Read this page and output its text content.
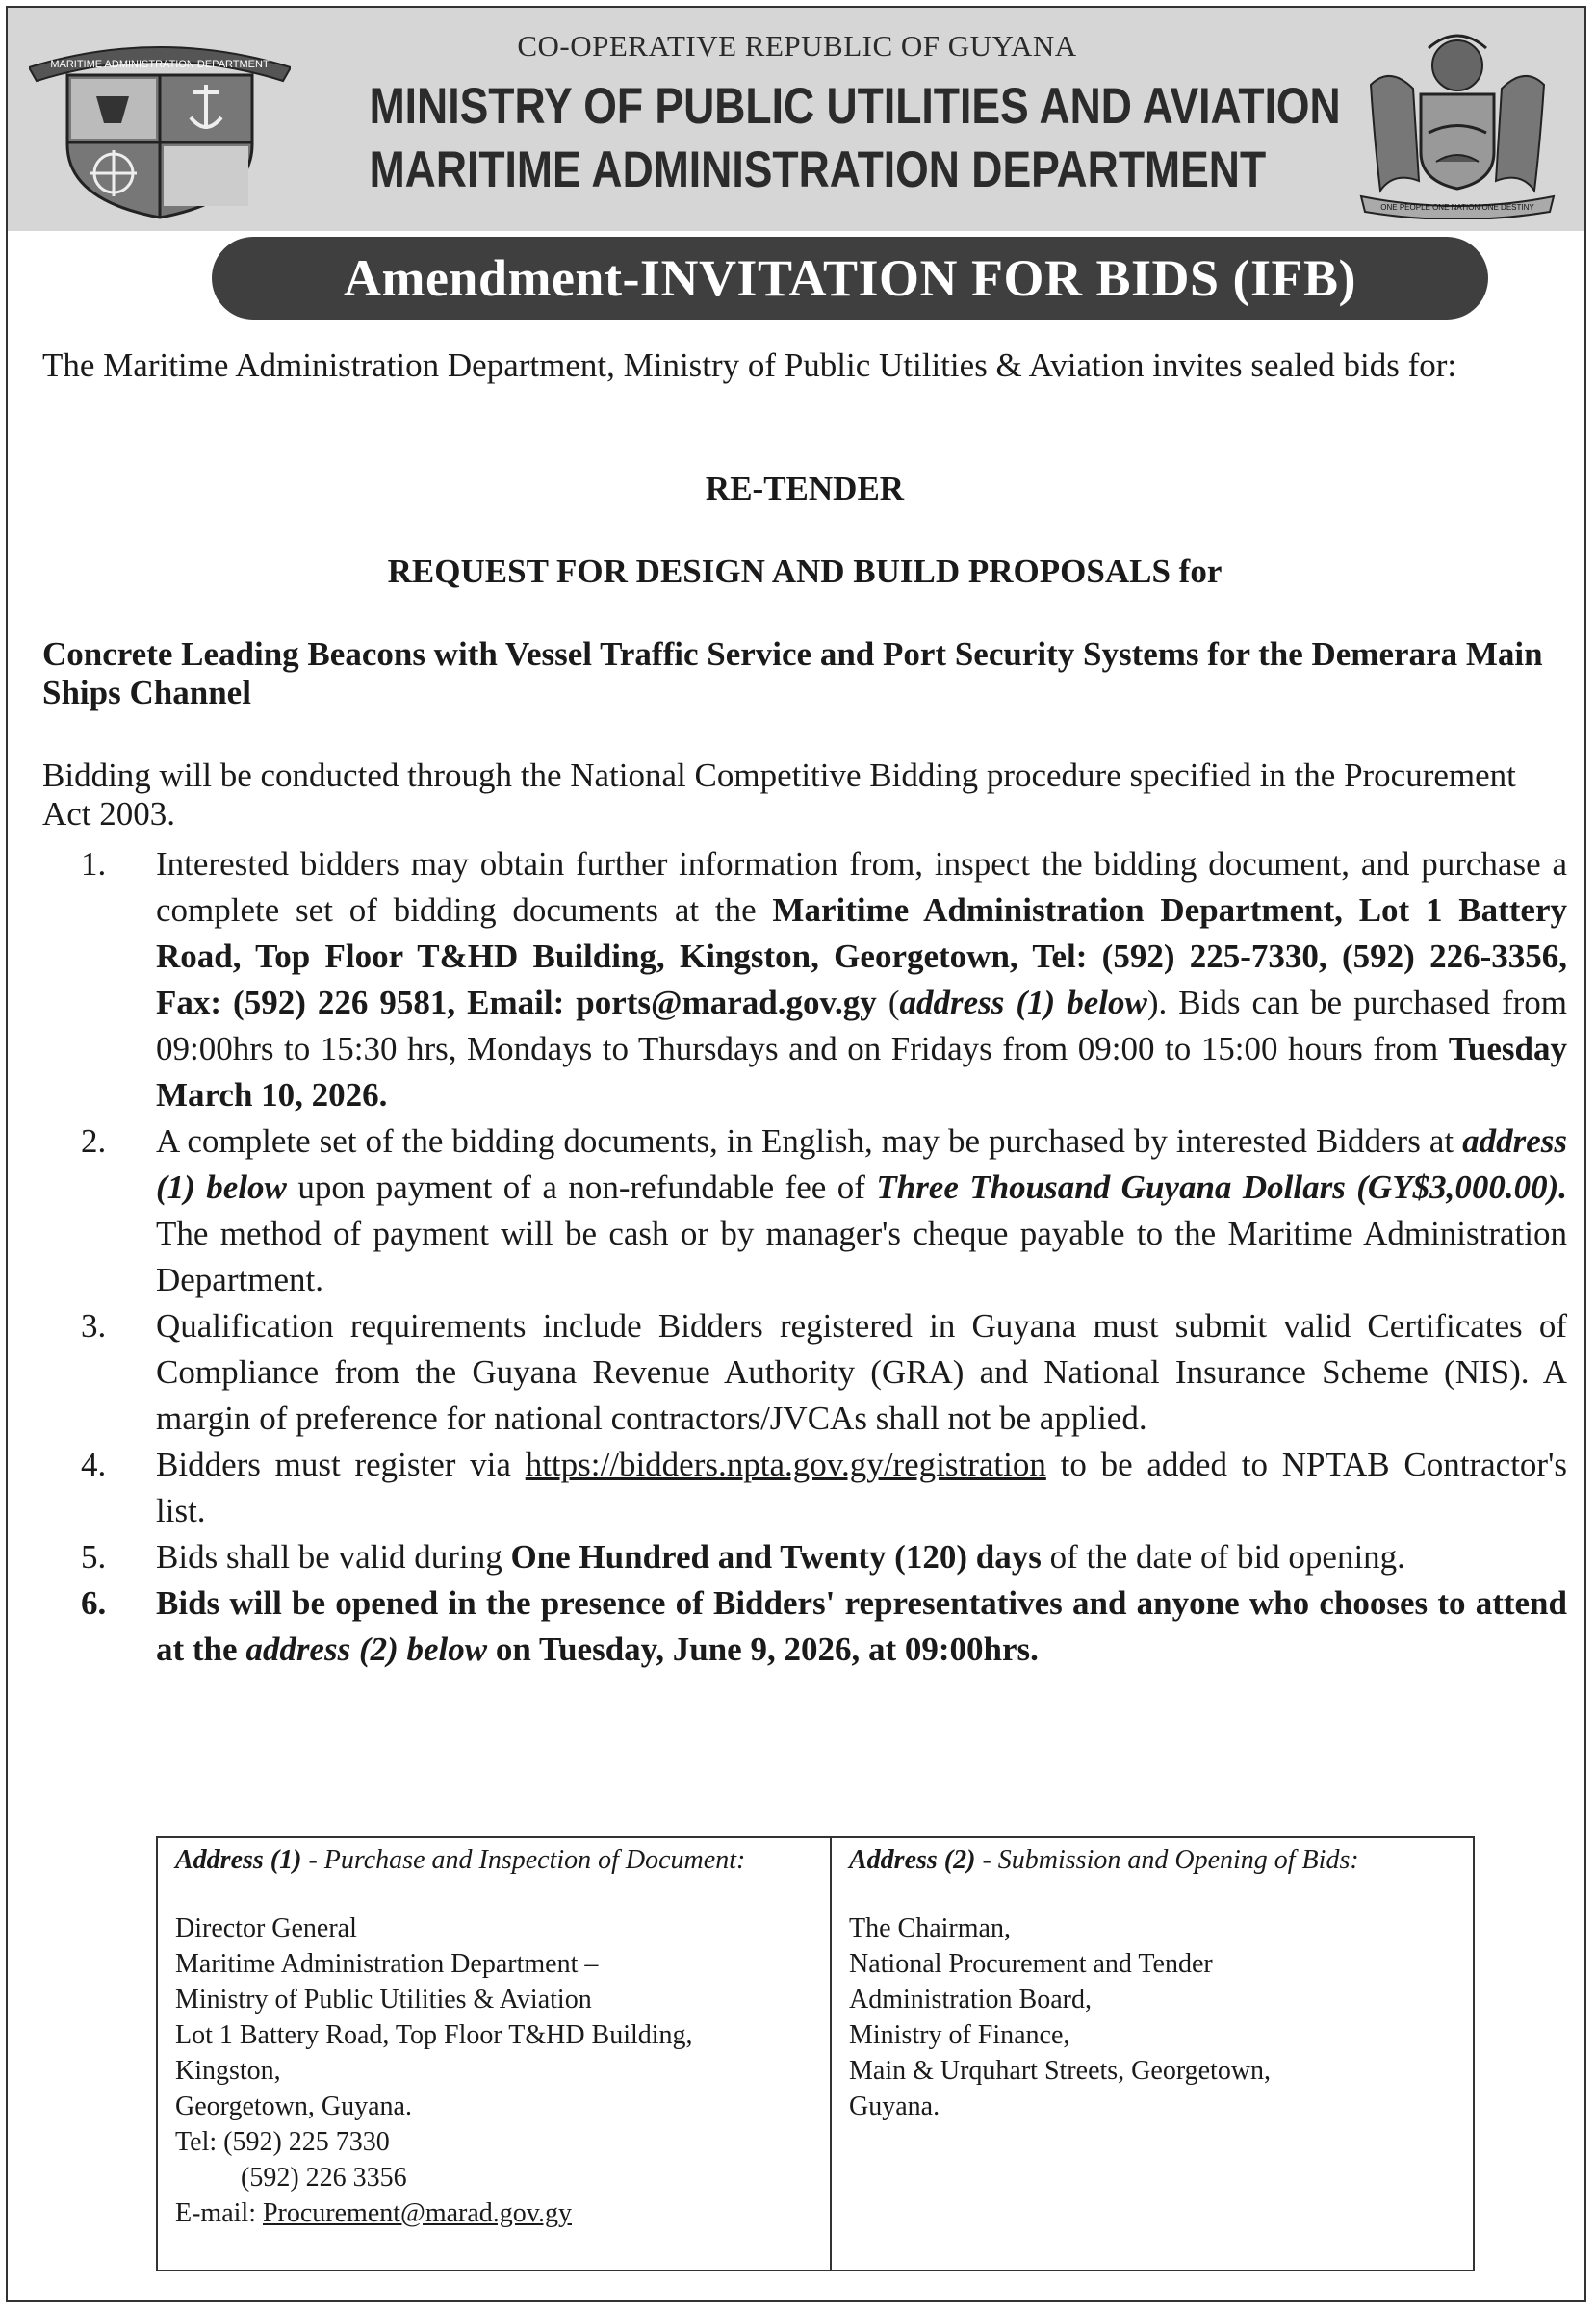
MARITIME ADMINISTRATION DEPARTMENT
CO-OPERATIVE REPUBLIC OF GUYANA
MINISTRY OF PUBLIC UTILITIES AND AVIATION
MARITIME ADMINISTRATION DEPARTMENT
ONE PEOPLE ONE NATION ONE DESTINY
Amendment-INVITATION FOR BIDS (IFB)
The Maritime Administration Department, Ministry of Public Utilities & Aviation invites sealed bids for:
RE-TENDER
REQUEST FOR DESIGN AND BUILD PROPOSALS for
Concrete Leading Beacons with Vessel Traffic Service and Port Security Systems for the Demerara Main Ships Channel
Bidding will be conducted through the National Competitive Bidding procedure specified in the Procurement Act 2003.
1. Interested bidders may obtain further information from, inspect the bidding document, and purchase a complete set of bidding documents at the Maritime Administration Department, Lot 1 Battery Road, Top Floor T&HD Building, Kingston, Georgetown, Tel: (592) 225-7330, (592) 226-3356, Fax: (592) 226 9581, Email: ports@marad.gov.gy (address (1) below). Bids can be purchased from 09:00hrs to 15:30 hrs, Mondays to Thursdays and on Fridays from 09:00 to 15:00 hours from Tuesday March 10, 2026.
2. A complete set of the bidding documents, in English, may be purchased by interested Bidders at address (1) below upon payment of a non-refundable fee of Three Thousand Guyana Dollars (GY$3,000.00). The method of payment will be cash or by manager's cheque payable to the Maritime Administration Department.
3. Qualification requirements include Bidders registered in Guyana must submit valid Certificates of Compliance from the Guyana Revenue Authority (GRA) and National Insurance Scheme (NIS). A margin of preference for national contractors/JVCAs shall not be applied.
4. Bidders must register via https://bidders.npta.gov.gy/registration to be added to NPTAB Contractor's list.
5. Bids shall be valid during One Hundred and Twenty (120) days of the date of bid opening.
6. Bids will be opened in the presence of Bidders' representatives and anyone who chooses to attend at the address (2) below on Tuesday, June 9, 2026, at 09:00hrs.
Address (1) - Purchase and Inspection of Document:
Director General
Maritime Administration Department –
Ministry of Public Utilities & Aviation
Lot 1 Battery Road, Top Floor T&HD Building,
Kingston,
Georgetown, Guyana.
Tel: (592) 225 7330
(592) 226 3356
E-mail: Procurement@marad.gov.gy
Address (2) - Submission and Opening of Bids:
The Chairman,
National Procurement and Tender
Administration Board,
Ministry of Finance,
Main & Urquhart Streets, Georgetown,
Guyana.
